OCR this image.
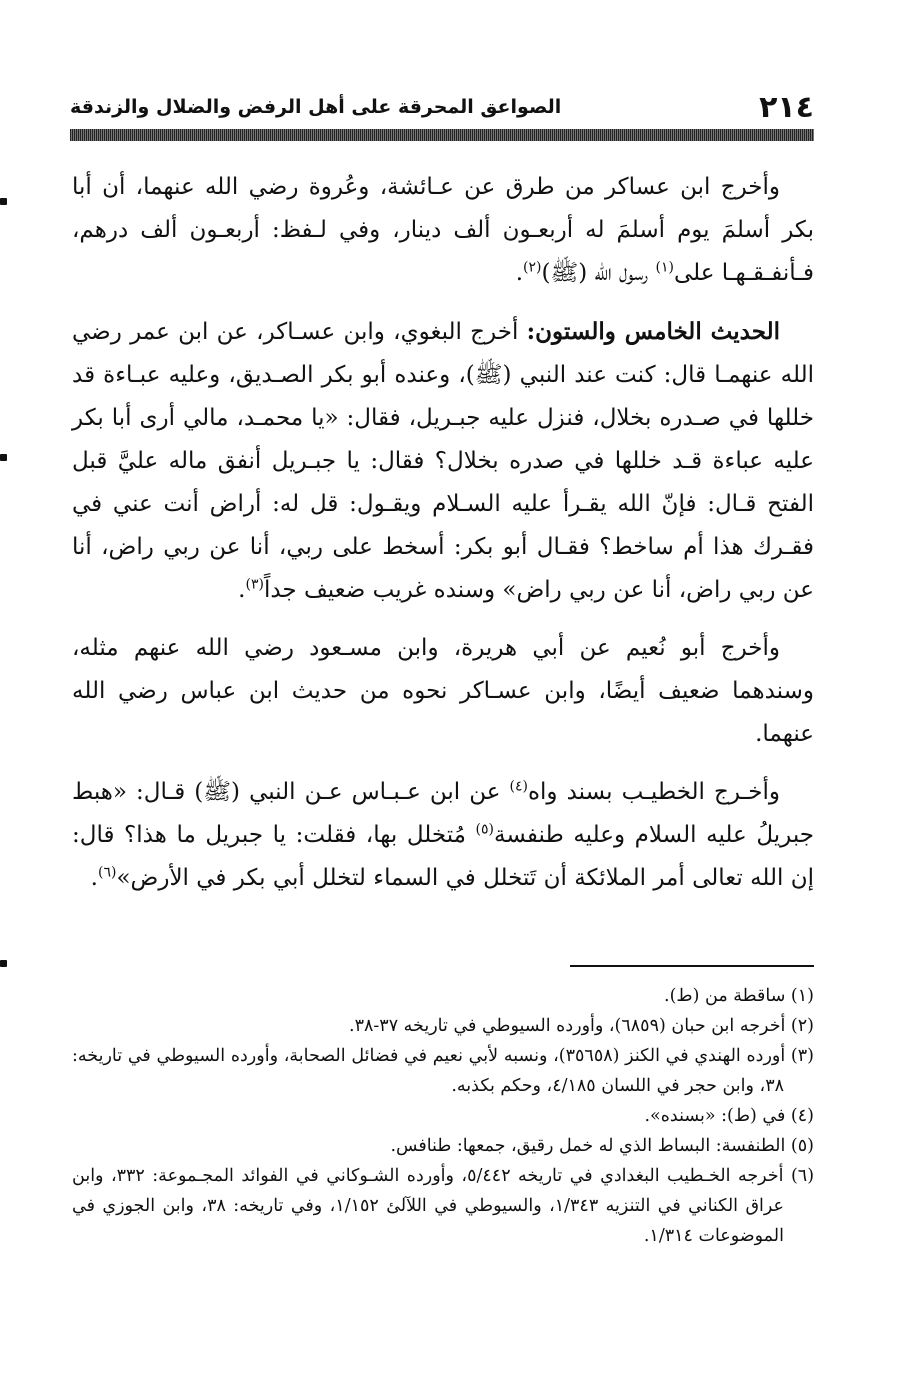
٢١٤
الصواعق المحرقة على أهل الرفض والضلال والزندقة

وأخرج ابن عساكر من طرق عن عـائشة، وعُروة رضي الله عنهما، أن أبا بكر أسلمَ يوم أسلمَ له أربعـون ألف دينار، وفي لـفظ: أربعـون ألف درهم، فـأنفـقـهـا على$^{(١)}$ رسول الله (ﷺ)$^{(٢)}$.

الحديث الخامس والستون: أخرج البغوي، وابن عسـاكر، عن ابن عمر رضي الله عنهمـا قال: كنت عند النبي (ﷺ)، وعنده أبو بكر الصـديق، وعليه عبـاءة قد خللها في صـدره بخلال، فنزل عليه جبـريل، فقال: «يا محمـد، مالي أرى أبا بكر عليه عباءة قـد خللها في صدره بخلال؟ فقال: يا جبـريل أنفق ماله عليَّ قبل الفتح قـال: فإنّ الله يقـرأ عليه السـلام ويقـول: قل له: أراض أنت عني في فقـرك هذا أم ساخط؟ فقـال أبو بكر: أسخط على ربي، أنا عن ربي راض، أنا عن ربي راض، أنا عن ربي راض» وسنده غريب ضعيف جداً$^{(٣)}$.

وأخرج أبو نُعيم عن أبي هريرة، وابن مسـعود رضي الله عنهم مثله، وسندهما ضعيف أيضًا، وابن عسـاكر نحوه من حديث ابن عباس رضي الله عنهما.

وأخـرج الخطيـب بسند واه$^{(٤)}$ عن ابن عـبـاس عـن النبي (ﷺ) قـال: «هبط جبريلُ عليه السلام وعليه طنفسة$^{(٥)}$ مُتخلل بها، فقلت: يا جبريل ما هذا؟ قال: إن الله تعالى أمر الملائكة أن تَتخلل في السماء لتخلل أبي بكر في الأرض»$^{(٦)}$.

(١) ساقطة من (ط).
(٢) أخرجه ابن حبان (٦٨٥٩)، وأورده السيوطي في تاريخه ٣٧-٣٨.
(٣) أورده الهندي في الكنز (٣٥٦٥٨)، ونسبه لأبي نعيم في فضائل الصحابة، وأورده السيوطي في تاريخه: ٣٨، وابن حجر في اللسان ٤/١٨٥، وحكم بكذبه.
(٤) في (ط): «بسنده».
(٥) الطنفسة: البساط الذي له خمل رقيق، جمعها: طنافس.
(٦) أخرجه الخـطيب البغدادي في تاريخه ٥/٤٤٢، وأورده الشـوكاني في الفوائد المجـموعة: ٣٣٢، وابن عراق الكناني في التنزيه ١/٣٤٣، والسيوطي في اللآلئ ١/١٥٢، وفي تاريخه: ٣٨، وابن الجوزي في الموضوعات ١/٣١٤.
